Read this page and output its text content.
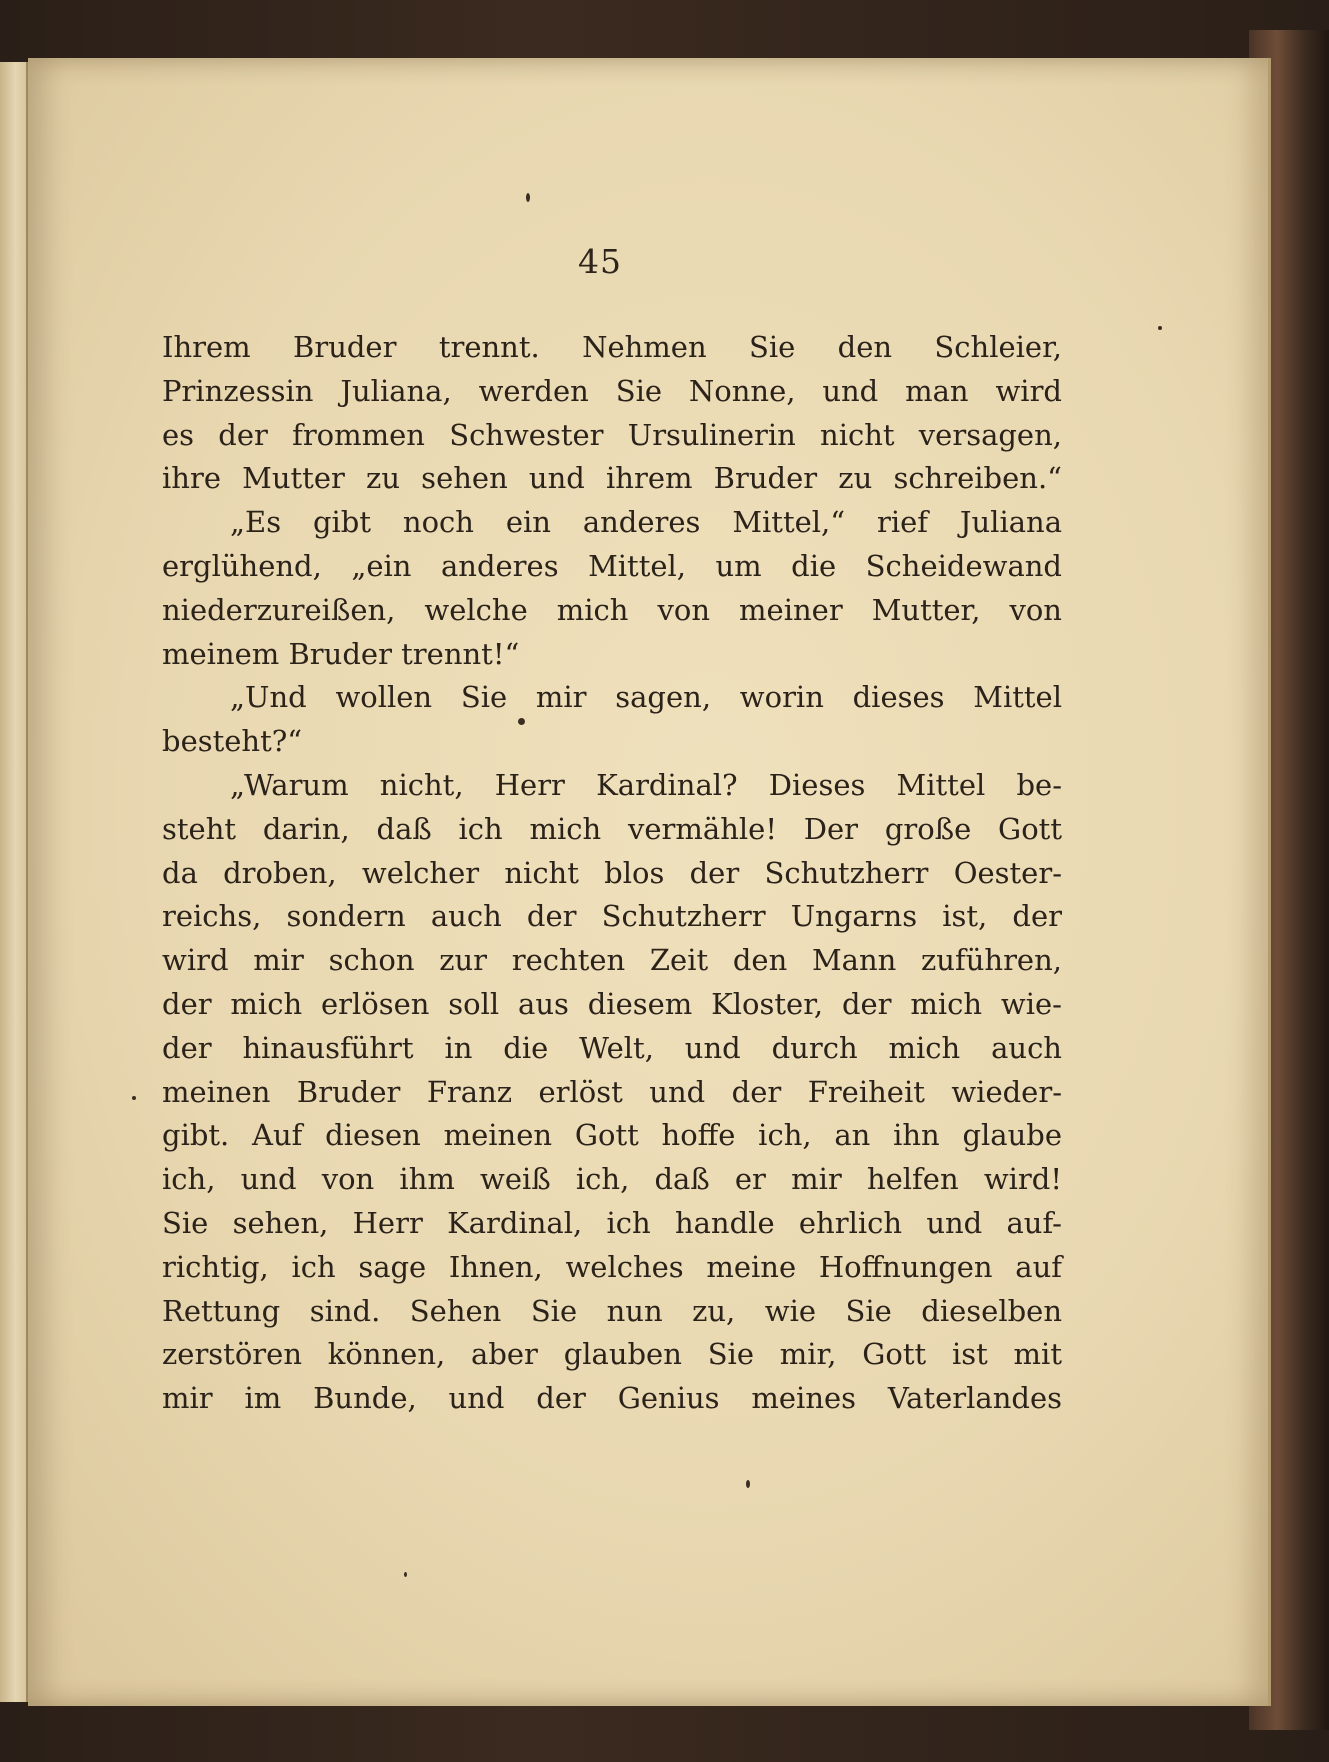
45
Ihrem Bruder trennt. Nehmen Sie den Schleier,
Prinzessin Juliana, werden Sie Nonne, und man wird
es der frommen Schwester Ursulinerin nicht versagen,
ihre Mutter zu sehen und ihrem Bruder zu schreiben.“
„Es gibt noch ein anderes Mittel,“ rief Juliana
erglühend, „ein anderes Mittel, um die Scheidewand
niederzureißen, welche mich von meiner Mutter, von
meinem Bruder trennt!“
„Und wollen Sie mir sagen, worin dieses Mittel
besteht?“
„Warum nicht, Herr Kardinal? Dieses Mittel be-
steht darin, daß ich mich vermähle! Der große Gott
da droben, welcher nicht blos der Schutzherr Oester-
reichs, sondern auch der Schutzherr Ungarns ist, der
wird mir schon zur rechten Zeit den Mann zuführen,
der mich erlösen soll aus diesem Kloster, der mich wie-
der hinausführt in die Welt, und durch mich auch
meinen Bruder Franz erlöst und der Freiheit wieder-
gibt. Auf diesen meinen Gott hoffe ich, an ihn glaube
ich, und von ihm weiß ich, daß er mir helfen wird!
Sie sehen, Herr Kardinal, ich handle ehrlich und auf-
richtig, ich sage Ihnen, welches meine Hoffnungen auf
Rettung sind. Sehen Sie nun zu, wie Sie dieselben
zerstören können, aber glauben Sie mir, Gott ist mit
mir im Bunde, und der Genius meines Vaterlandes
